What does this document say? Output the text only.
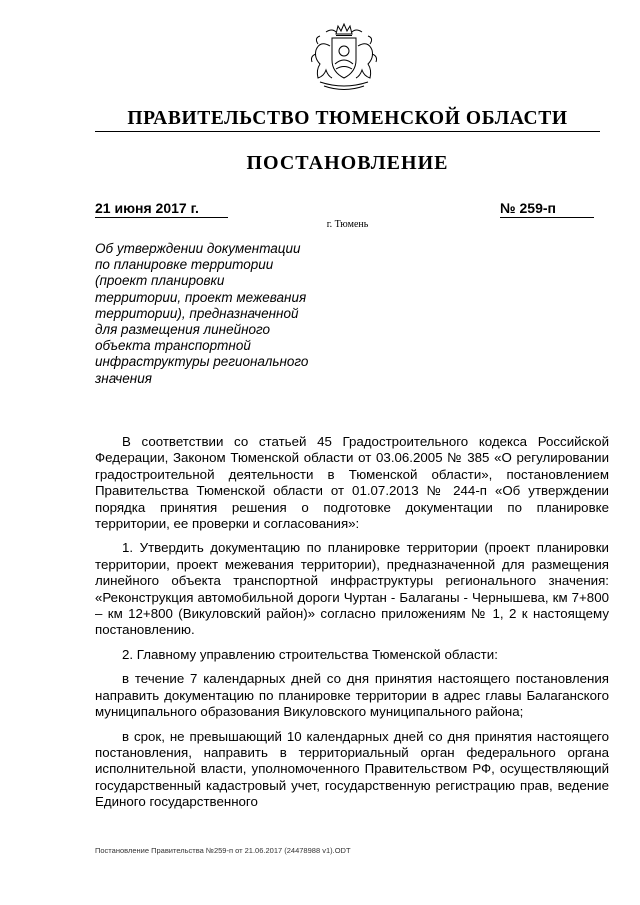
ПРАВИТЕЛЬСТВО ТЮМЕНСКОЙ ОБЛАСТИ
ПОСТАНОВЛЕНИЕ
21 июня 2017 г.	№ 259-п
г. Тюмень
Об утверждении документации
по планировке территории
(проект планировки
территории, проект межевания
территории), предназначенной
для размещения линейного
объекта транспортной
инфраструктуры регионального
значения

В соответствии со статьей 45 Градостроительного кодекса Российской Федерации, Законом Тюменской области от 03.06.2005 № 385 «О регулировании градостроительной деятельности в Тюменской области», постановлением Правительства Тюменской области от 01.07.2013 № 244-п «Об утверждении порядка принятия решения о подготовке документации по планировке территории, ее проверки и согласования»:

1. Утвердить документацию по планировке территории (проект планировки территории, проект межевания территории), предназначенной для размещения линейного объекта транспортной инфраструктуры регионального значения: «Реконструкция автомобильной дороги Чуртан - Балаганы - Чернышева, км 7+800 – км 12+800 (Викуловский район)» согласно приложениям № 1, 2 к настоящему постановлению.

2. Главному управлению строительства Тюменской области:

в течение 7 календарных дней со дня принятия настоящего постановления направить документацию по планировке территории в адрес главы Балаганского муниципального образования Викуловского муниципального района;

в срок, не превышающий 10 календарных дней со дня принятия настоящего постановления, направить в территориальный орган федерального органа исполнительной власти, уполномоченного Правительством РФ, осуществляющий государственный кадастровый учет, государственную регистрацию прав, ведение Единого государственного

Постановление Правительства №259-п от 21.06.2017 (24478988 v1).ODT
